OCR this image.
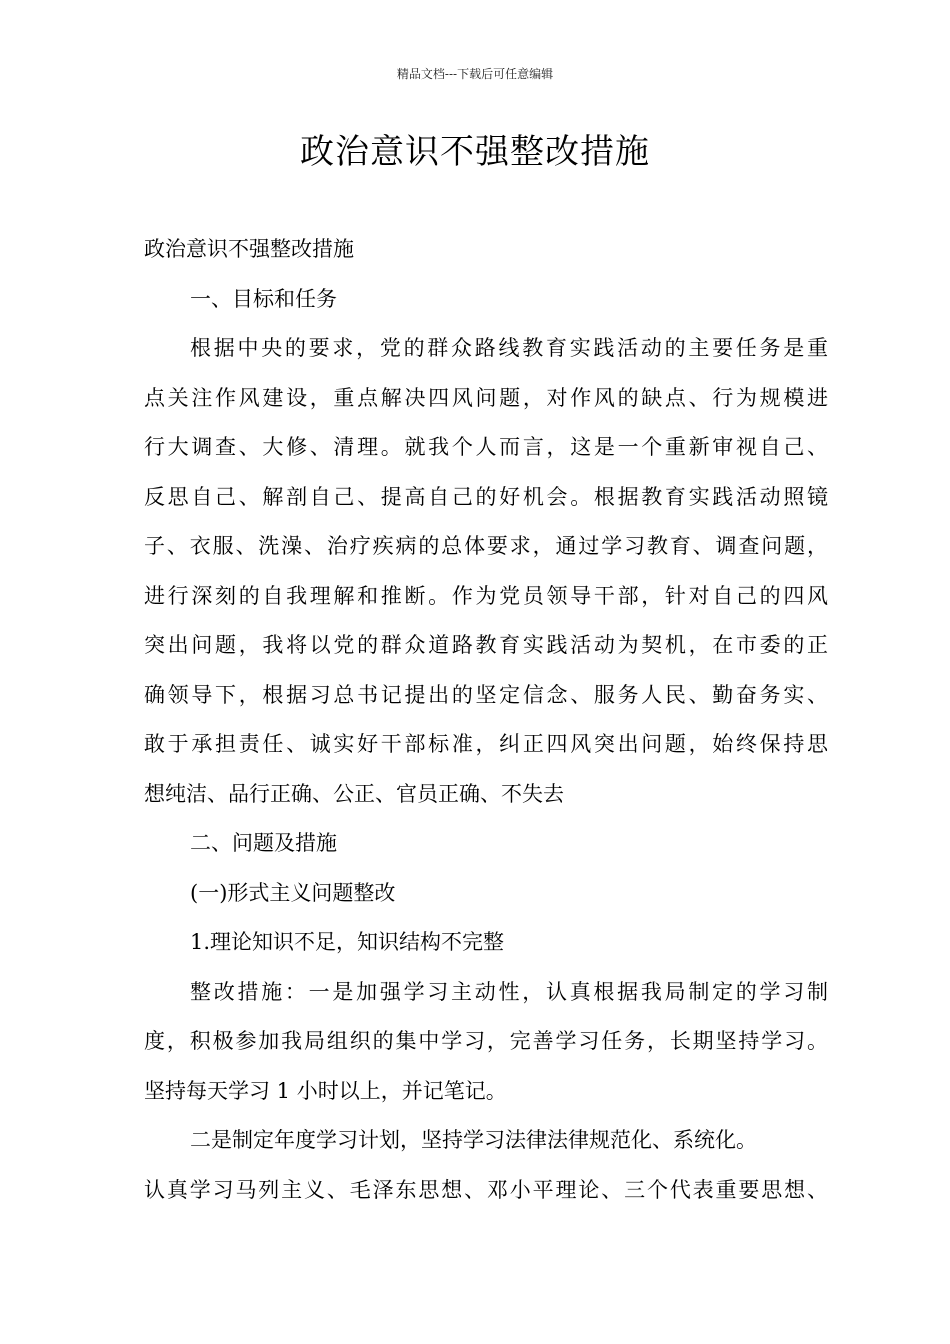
精品文档---下载后可任意编辑
政治意识不强整改措施
政治意识不强整改措施
一、目标和任务
根据中央的要求，党的群众路线教育实践活动的主要任务是重
点关注作风建设，重点解决四风问题，对作风的缺点、行为规模进
行大调查、大修、清理。就我个人而言，这是一个重新审视自己、
反思自己、解剖自己、提高自己的好机会。根据教育实践活动照镜
子、衣服、洗澡、治疗疾病的总体要求，通过学习教育、调查问题，
进行深刻的自我理解和推断。作为党员领导干部，针对自己的四风
突出问题，我将以党的群众道路教育实践活动为契机，在市委的正
确领导下，根据习总书记提出的坚定信念、服务人民、勤奋务实、
敢于承担责任、诚实好干部标准，纠正四风突出问题，始终保持思
想纯洁、品行正确、公正、官员正确、不失去
二、问题及措施
(一)形式主义问题整改
1.理论知识不足，知识结构不完整
整改措施：一是加强学习主动性，认真根据我局制定的学习制
度，积极参加我局组织的集中学习，完善学习任务，长期坚持学习。
坚持每天学习 1 小时以上，并记笔记。
二是制定年度学习计划，坚持学习法律法律规范化、系统化。
认真学习马列主义、毛泽东思想、邓小平理论、三个代表重要思想、
